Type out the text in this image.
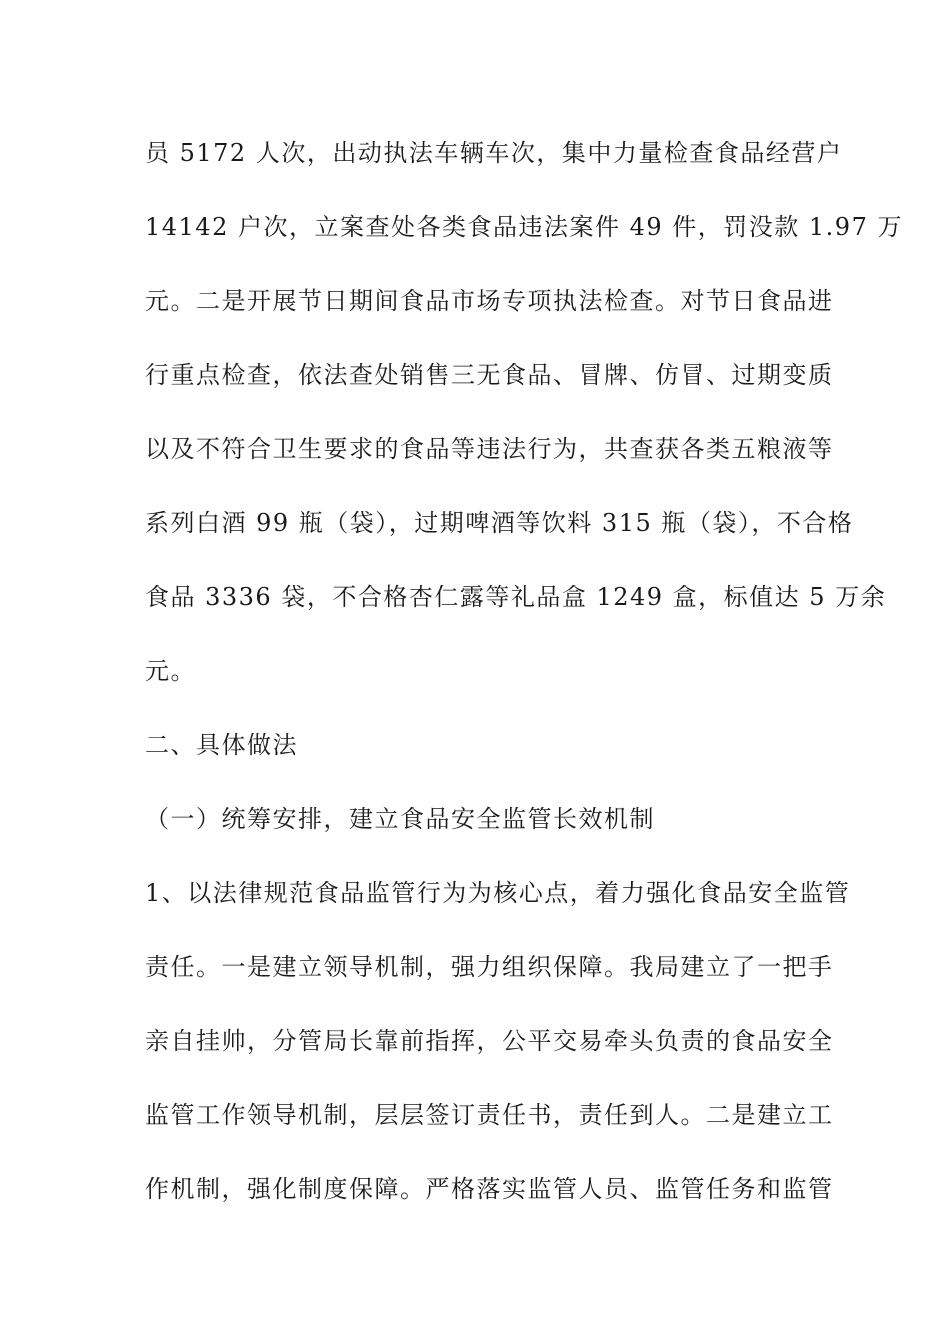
员 5172 人次，出动执法车辆车次，集中力量检查食品经营户
14142 户次，立案查处各类食品违法案件 49 件，罚没款 1.97 万
元。二是开展节日期间食品市场专项执法检查。对节日食品进
行重点检查，依法查处销售三无食品、冒牌、仿冒、过期变质
以及不符合卫生要求的食品等违法行为，共查获各类五粮液等
系列白酒 99 瓶（袋），过期啤酒等饮料 315 瓶（袋），不合格
食品 3336 袋，不合格杏仁露等礼品盒 1249 盒，标值达 5 万余
元。
二、具体做法
（一）统筹安排，建立食品安全监管长效机制
1、以法律规范食品监管行为为核心点，着力强化食品安全监管
责任。一是建立领导机制，强力组织保障。我局建立了一把手
亲自挂帅，分管局长靠前指挥，公平交易牵头负责的食品安全
监管工作领导机制，层层签订责任书，责任到人。二是建立工
作机制，强化制度保障。严格落实监管人员、监管任务和监管
